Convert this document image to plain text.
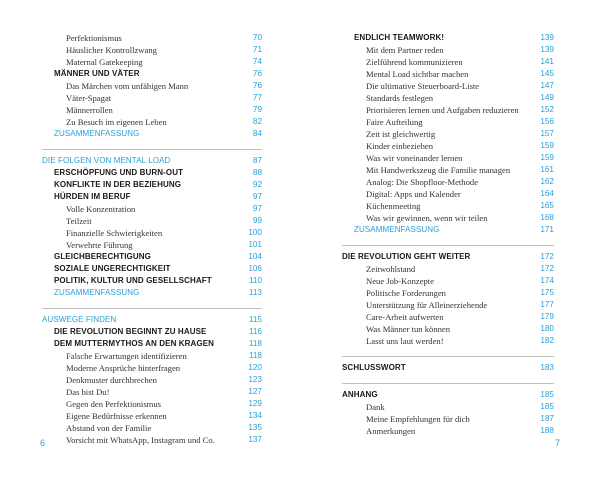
Perfektionismus	70
Häuslicher Kontrollzwang	71
Maternal Gatekeeping	74
MÄNNER UND VÄTER	76
Das Märchen vom unfähigen Mann	76
Väter-Spagat	77
Männerrollen	79
Zu Besuch im eigenen Leben	82
ZUSAMMENFASSUNG	84
DIE FOLGEN VON MENTAL LOAD	87
ERSCHÖPFUNG UND BURN-OUT	88
KONFLIKTE IN DER BEZIEHUNG	92
HÜRDEN IM BERUF	97
Volle Konzentration	97
Teilzeit	99
Finanzielle Schwierigkeiten	100
Verwehrte Führung	101
GLEICHBERECHTIGUNG	104
SOZIALE UNGERECHTIGKEIT	106
POLITIK, KULTUR UND GESELLSCHAFT	110
ZUSAMMENFASSUNG	113
AUSWEGE FINDEN	115
DIE REVOLUTION BEGINNT ZU HAUSE	116
DEM MUTTERMYTHOS AN DEN KRAGEN	118
Falsche Erwartungen identifizieren	118
Moderne Ansprüche hinterfragen	120
Denkmuster durchbrechen	123
Das bist Du!	127
Gegen den Perfektionismus	129
Eigene Bedürfnisse erkennen	134
Abstand von der Familie	135
Vorsicht mit WhatsApp, Instagram und Co.	137
6
ENDLICH TEAMWORK!	139
Mit dem Partner reden	139
Zielführend kommunizieren	141
Mental Load sichtbar machen	145
Die ultimative Steuerboard-Liste	147
Standards festlegen	149
Priorisieren lernen und Aufgaben reduzieren	152
Faire Aufteilung	156
Zeit ist gleichwertig	157
Kinder einbeziehen	159
Was wir voneinander lernen	159
Mit Handwerkszeug die Familie managen	161
Analog: Die Shopfloor-Methode	162
Digital: Apps und Kalender	164
Küchenmeeting	165
Was wir gewinnen, wenn wir teilen	168
ZUSAMMENFASSUNG	171
DIE REVOLUTION GEHT WEITER	172
Zeitwohlstand	172
Neue Job-Konzepte	174
Politische Forderungen	175
Unterstützung für Alleinerziehende	177
Care-Arbeit aufwerten	179
Was Männer tun können	180
Lasst uns laut werden!	182
SCHLUSSWORT	183
ANHANG	185
Dank	185
Meine Empfehlungen für dich	187
Anmerkungen	188
7
